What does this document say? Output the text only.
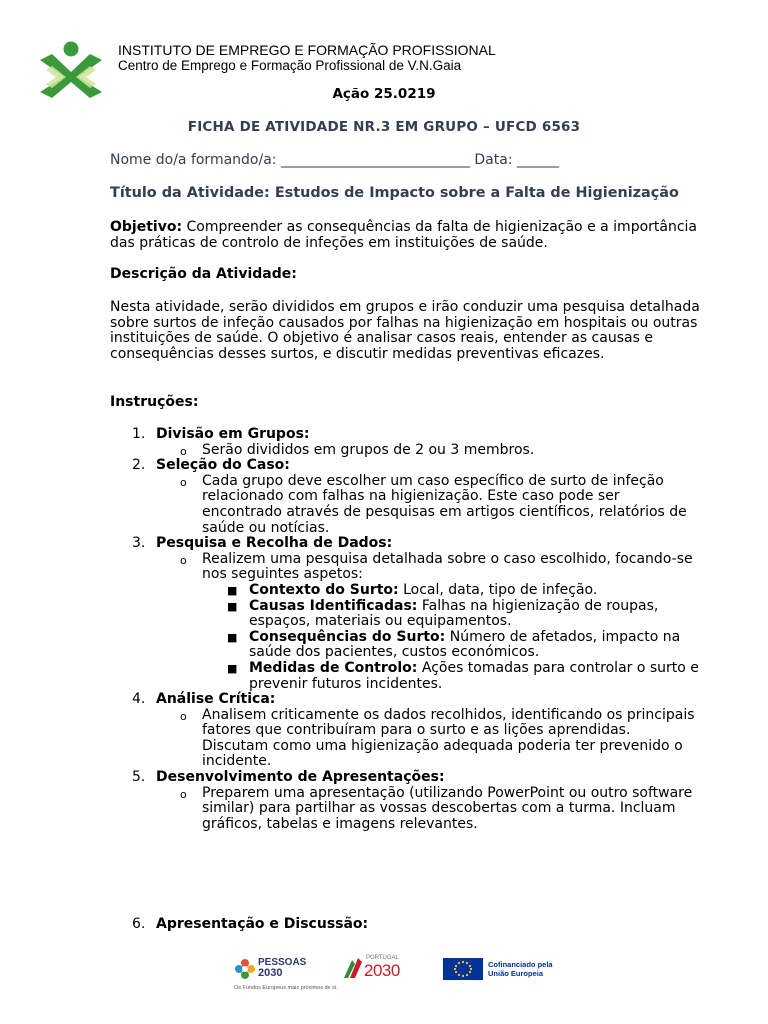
INSTITUTO DE EMPREGO E FORMAÇÃO PROFISSIONAL
Centro de Emprego e Formação Profissional de V.N.Gaia
Ação 25.0219
FICHA DE ATIVIDADE NR.3 EM GRUPO – UFCD 6563
Nome do/a formando/a: ___________________________ Data: ______
Título da Atividade: Estudos de Impacto sobre a Falta de Higienização
Objetivo: Compreender as consequências da falta de higienização e a importância das práticas de controlo de infeções em instituições de saúde.
Descrição da Atividade:
Nesta atividade, serão divididos em grupos e irão conduzir uma pesquisa detalhada sobre surtos de infeção causados por falhas na higienização em hospitais ou outras instituições de saúde. O objetivo é analisar casos reais, entender as causas e consequências desses surtos, e discutir medidas preventivas eficazes.
Instruções:
1. Divisão em Grupos:
o Serão divididos em grupos de 2 ou 3 membros.
2. Seleção do Caso:
o Cada grupo deve escolher um caso específico de surto de infeção relacionado com falhas na higienização. Este caso pode ser encontrado através de pesquisas em artigos científicos, relatórios de saúde ou notícias.
3. Pesquisa e Recolha de Dados:
o Realizem uma pesquisa detalhada sobre o caso escolhido, focando-se nos seguintes aspetos:
■ Contexto do Surto: Local, data, tipo de infeção.
■ Causas Identificadas: Falhas na higienização de roupas, espaços, materiais ou equipamentos.
■ Consequências do Surto: Número de afetados, impacto na saúde dos pacientes, custos económicos.
■ Medidas de Controlo: Ações tomadas para controlar o surto e prevenir futuros incidentes.
4. Análise Crítica:
o Analisem criticamente os dados recolhidos, identificando os principais fatores que contribuíram para o surto e as lições aprendidas. Discutam como uma higienização adequada poderia ter prevenido o incidente.
5. Desenvolvimento de Apresentações:
o Preparem uma apresentação (utilizando PowerPoint ou outro software similar) para partilhar as vossas descobertas com a turma. Incluam gráficos, tabelas e imagens relevantes.
6. Apresentação e Discussão:
PESSOAS
2030
Os Fundos Europeus mais próximos de si.
PORTUGAL
2030	Cofinanciado pela
União Europeia
